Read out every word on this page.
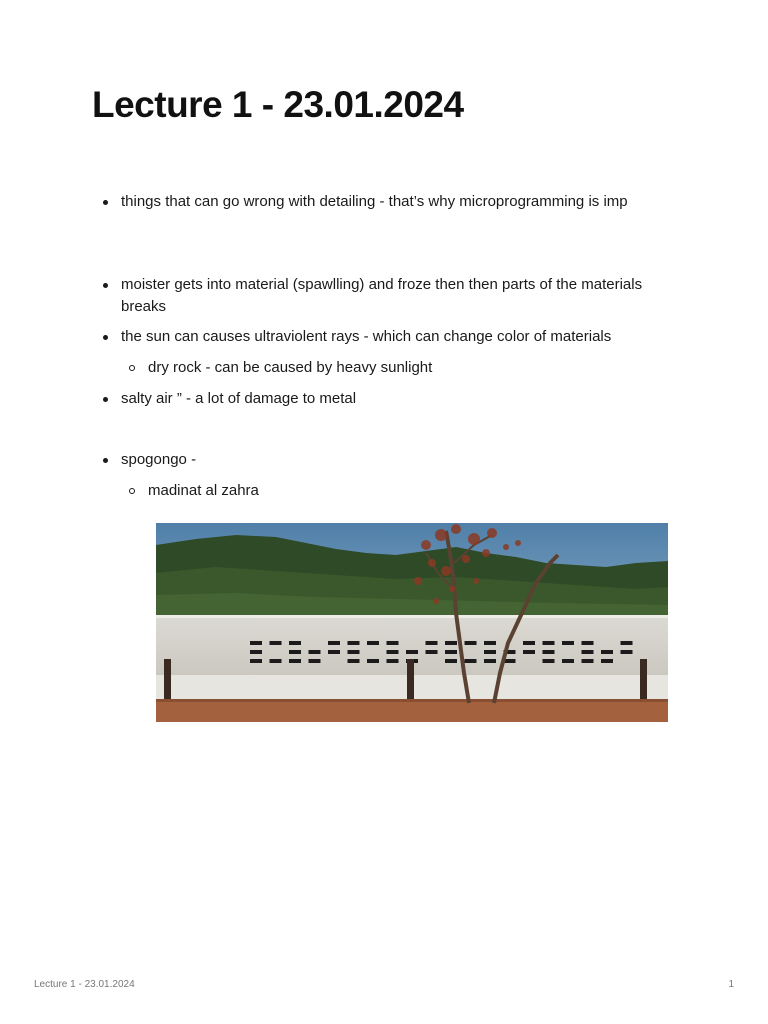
Lecture 1 - 23.01.2024
things that can go wrong with detailing - that’s why microprogramming is imp
moister gets into material (spawlling) and froze then then parts of the materials breaks
the sun can causes ultraviolent rays - which can change color of materials
dry rock - can be caused by heavy sunlight
salty air ” - a lot of damage to metal
spogongo -
madinat al zahra
Lecture 1 - 23.01.2024	1
